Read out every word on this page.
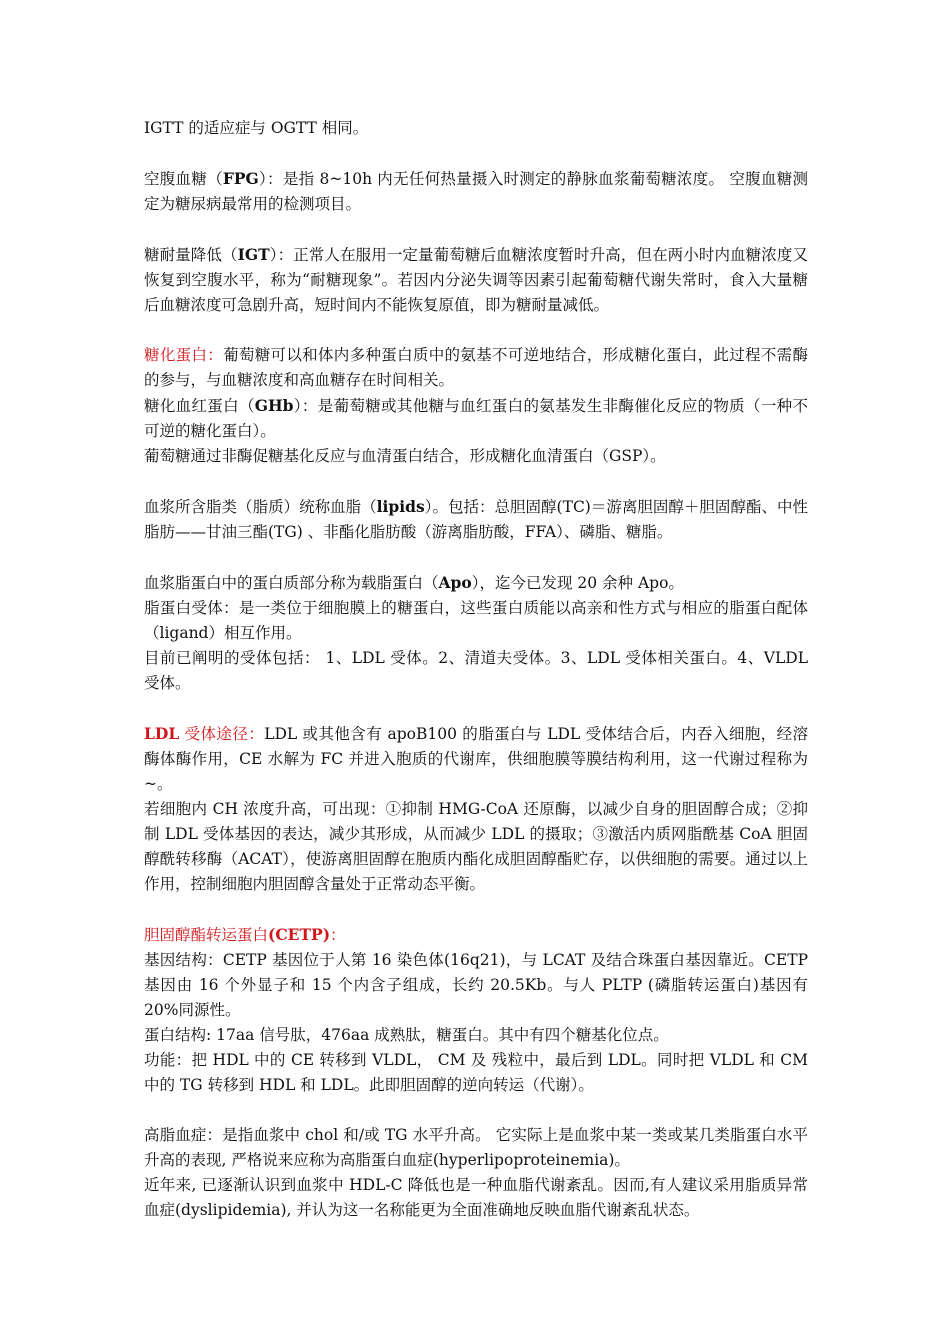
IGTT 的适应症与 OGTT 相同。

空腹血糖（FPG）：是指 8~10h 内无任何热量摄入时测定的静脉血浆葡萄糖浓度。 空腹血糖测定为糖尿病最常用的检测项目。

糖耐量降低（IGT）：正常人在服用一定量葡萄糖后血糖浓度暂时升高，但在两小时内血糖浓度又恢复到空腹水平，称为“耐糖现象”。若因内分泌失调等因素引起葡萄糖代谢失常时，食入大量糖后血糖浓度可急剧升高，短时间内不能恢复原值，即为糖耐量减低。

糖化蛋白：葡萄糖可以和体内多种蛋白质中的氨基不可逆地结合，形成糖化蛋白，此过程不需酶的参与，与血糖浓度和高血糖存在时间相关。

糖化血红蛋白（GHb）：是葡萄糖或其他糖与血红蛋白的氨基发生非酶催化反应的物质（一种不可逆的糖化蛋白）。

葡萄糖通过非酶促糖基化反应与血清蛋白结合，形成糖化血清蛋白（GSP）。

血浆所含脂类（脂质）统称血脂（lipids）。包括：总胆固醇(TC)＝游离胆固醇＋胆固醇酯、中性脂肪——甘油三酯(TG) 、非酯化脂肪酸（游离脂肪酸，FFA）、磷脂、糖脂。

血浆脂蛋白中的蛋白质部分称为载脂蛋白（Apo），迄今已发现 20 余种 Apo。

脂蛋白受体：是一类位于细胞膜上的糖蛋白，这些蛋白质能以高亲和性方式与相应的脂蛋白配体（ligand）相互作用。

目前已阐明的受体包括： 1、LDL 受体。2、清道夫受体。3、LDL 受体相关蛋白。4、VLDL 受体。

LDL 受体途径：LDL 或其他含有 apoB100 的脂蛋白与 LDL 受体结合后，内吞入细胞，经溶酶体酶作用，CE 水解为 FC 并进入胞质的代谢库，供细胞膜等膜结构利用，这一代谢过程称为~。

若细胞内 CH 浓度升高，可出现：①抑制 HMG-CoA 还原酶，以减少自身的胆固醇合成；②抑制 LDL 受体基因的表达，减少其形成，从而减少 LDL 的摄取；③激活内质网脂酰基 CoA 胆固醇酰转移酶（ACAT），使游离胆固醇在胞质内酯化成胆固醇酯贮存，以供细胞的需要。通过以上作用，控制细胞内胆固醇含量处于正常动态平衡。

胆固醇酯转运蛋白(CETP)：

基因结构：CETP 基因位于人第 16 染色体(16q21)，与 LCAT 及结合珠蛋白基因靠近。CETP 基因由 16 个外显子和 15 个内含子组成，长约 20.5Kb。与人 PLTP (磷脂转运蛋白)基因有 20%同源性。

蛋白结构: 17aa 信号肽，476aa 成熟肽，糖蛋白。其中有四个糖基化位点。

功能：把 HDL 中的 CE 转移到 VLDL， CM 及 残粒中，最后到 LDL。同时把 VLDL 和 CM 中的 TG 转移到 HDL 和 LDL。此即胆固醇的逆向转运（代谢）。

高脂血症：是指血浆中 chol 和/或 TG 水平升高。 它实际上是血浆中某一类或某几类脂蛋白水平升高的表现, 严格说来应称为高脂蛋白血症(hyperlipoproteinemia)。

近年来, 已逐渐认识到血浆中 HDL-C 降低也是一种血脂代谢紊乱。因而,有人建议采用脂质异常血症(dyslipidemia), 并认为这一名称能更为全面准确地反映血脂代谢紊乱状态。
